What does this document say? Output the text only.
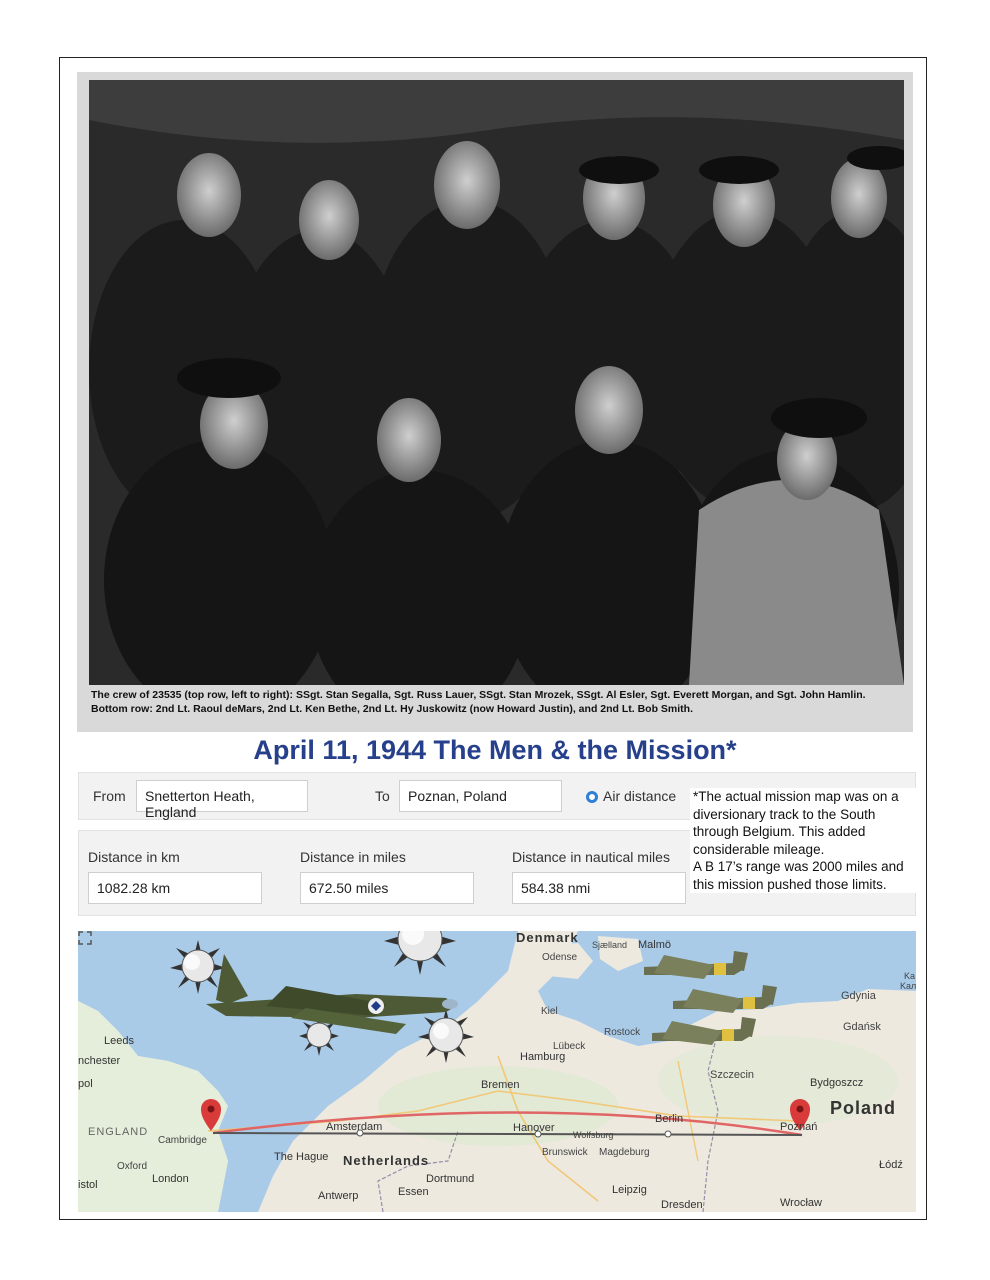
The crew of 23535 (top row, left to right): SSgt. Stan Segalla, Sgt. Russ Lauer, SSgt. Stan Mrozek, SSgt. Al Esler, Sgt. Everett Morgan, and Sgt. John Hamlin. Bottom row: 2nd Lt. Raoul deMars, 2nd Lt. Ken Bethe, 2nd Lt. Hy Juskowitz (now Howard Justin), and 2nd Lt. Bob Smith.
April 11, 1944 The Men & the Mission*
From	Snetterton Heath, England
To	Poznan, Poland	Air distance
Distance in km
1082.28 km
Distance in miles
672.50 miles
Distance in nautical miles
584.38 nmi
*The actual mission map was on a diversionary track to the South through Belgium. This added considerable mileage.
A B 17’s range was 2000 miles and this mission pushed those limits.
Denmark Sjælland Malmö
Odense
Ka
Kал
Gdynia
Gdańsk
Kiel
Rostock
Lübeck
Hamburg
Leeds
nchester
pol
Szczecin
Bydgoszcz
Bremen
Poland
ENGLAND
Cambridge
Amsterdam	Hanover
Wolfsburg
Berlin
Poznań
Brunswick Magdeburg
Oxford
The Hague Netherlands	Łódź
London
istol	Dortmund
Antwerp	Essen	Leipzig
Dresden	Wrocław
